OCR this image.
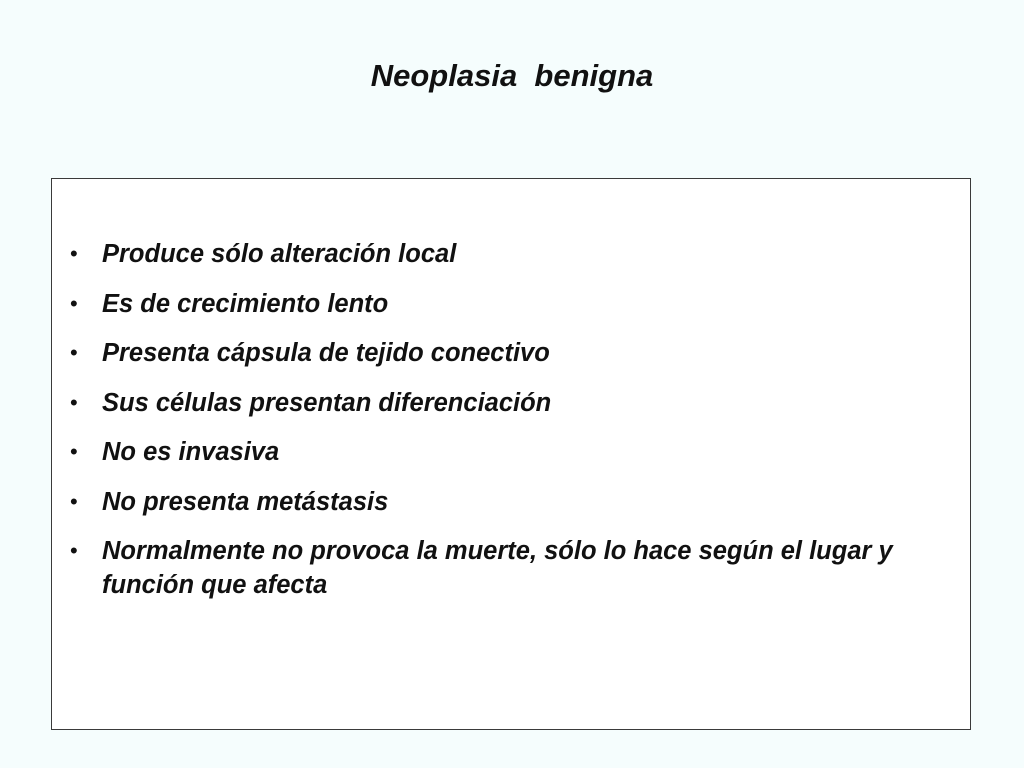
Neoplasia  benigna
• Produce sólo alteración local
• Es de crecimiento lento
• Presenta cápsula de tejido conectivo
• Sus células presentan diferenciación
• No es invasiva
• No presenta metástasis
• Normalmente no provoca la muerte, sólo lo hace según el lugar y función que afecta
